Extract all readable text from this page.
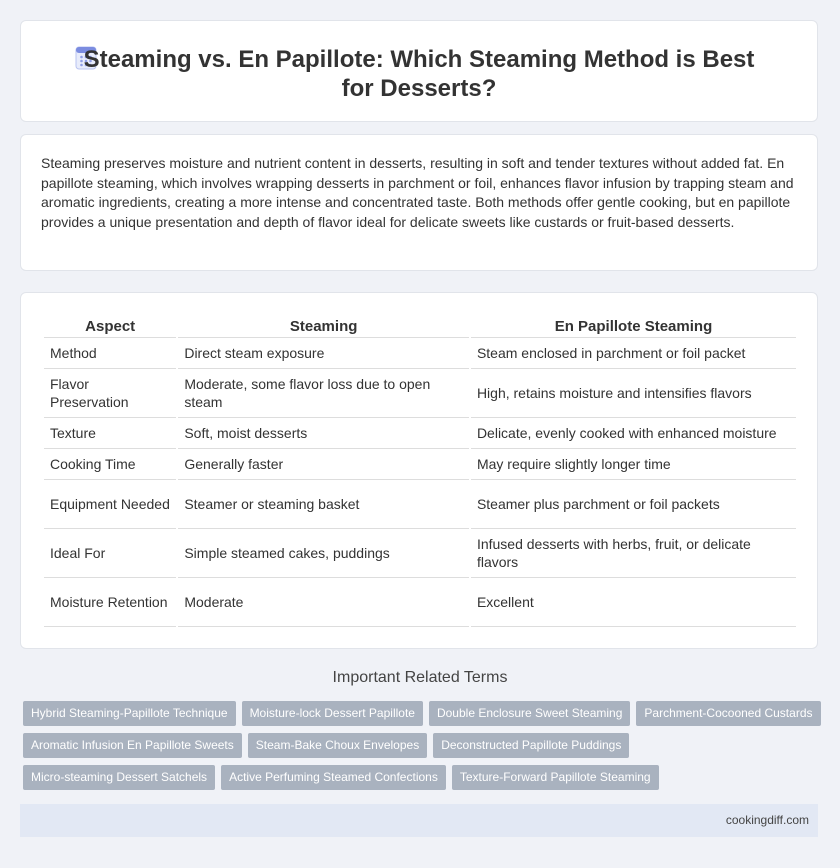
Steaming vs. En Papillote: Which Steaming Method is Best for Desserts?

Steaming preserves moisture and nutrient content in desserts, resulting in soft and tender textures without added fat. En papillote steaming, which involves wrapping desserts in parchment or foil, enhances flavor infusion by trapping steam and aromatic ingredients, creating a more intense and concentrated taste. Both methods offer gentle cooking, but en papillote provides a unique presentation and depth of flavor ideal for delicate sweets like custards or fruit-based desserts.

Aspect	Steaming	En Papillote Steaming
Method	Direct steam exposure	Steam enclosed in parchment or foil packet
Flavor Preservation	Moderate, some flavor loss due to open steam	High, retains moisture and intensifies flavors
Texture	Soft, moist desserts	Delicate, evenly cooked with enhanced moisture
Cooking Time	Generally faster	May require slightly longer time
Equipment Needed	Steamer or steaming basket	Steamer plus parchment or foil packets
Ideal For	Simple steamed cakes, puddings	Infused desserts with herbs, fruit, or delicate flavors
Moisture Retention	Moderate	Excellent
Important Related Terms
Hybrid Steaming-Papillote Technique	Moisture-lock Dessert Papillote	Double Enclosure Sweet Steaming	Parchment-Cocooned Custards
Aromatic Infusion En Papillote Sweets	Steam-Bake Choux Envelopes	Deconstructed Papillote Puddings
Micro-steaming Dessert Satchels	Active Perfuming Steamed Confections	Texture-Forward Papillote Steaming
cookingdiff.com
